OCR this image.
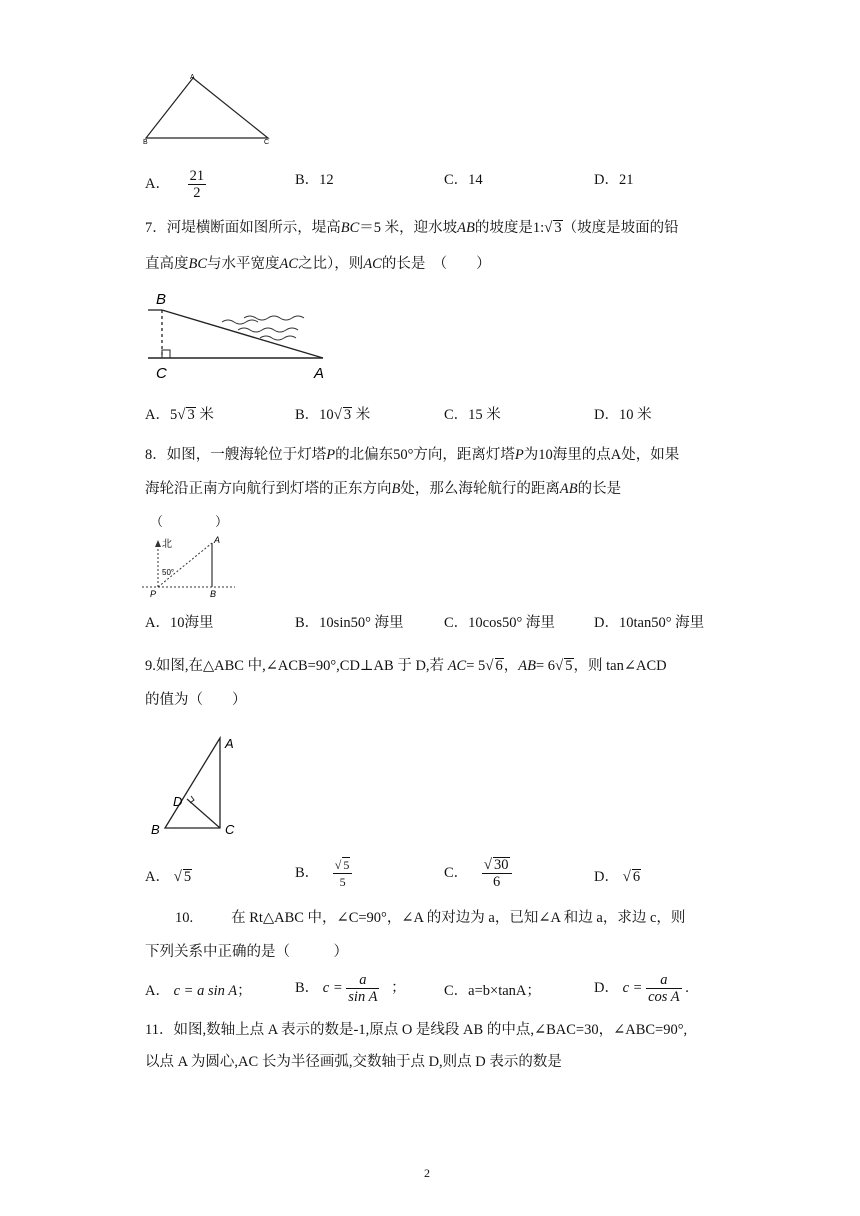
A
B	C
A． $\frac{21}{2}$	B．12	C．14	D．21
7．河堤横断面如图所示，堤高BC＝5 米，迎水坡AB的坡度是1:√ 3（坡度是坡面的铅
直高度BC与水平宽度AC之比），则AC的长是　（　　）
B
C	A
A．5√ 3 米	B．10√ 3 米	C．15 米	D．10 米
8．如图，一艘海轮位于灯塔P的北偏东50°方向，距离灯塔P为10海里的点A处，如果
海轮沿正南方向航行到灯塔的正东方向B处，那么海轮航行的距离AB的长是
（　　　　）
北
50°
A
B
P
A．10海里	B．10sin50° 海里	C．10cos50° 海里	D．10tan50° 海里
9.如图,在△ABC 中,∠ACB=90°,CD⊥AB 于 D,若 AC= 5√ 6，AB= 6√ 5，则 tan∠ACD
的值为（　　）
A
B	C
D
A． √ 5	B． $\frac{√ 5}{5}$	C． $\frac{√ 30}{6}$	D． √ 6
10.	在 Rt△ABC 中，∠C=90°，∠A 的对边为 a，已知∠A 和边 a，求边 c，则
下列关系中正确的是（　　　）
A． c = a sin A；	B． $c = \frac{a}{\text{sin A}}$ ；	C．a=b×tanA；	D． $c = \frac{a}{\text{cos A}}$ .
11．如图,数轴上点 A 表示的数是-1,原点 O 是线段 AB 的中点,∠BAC=30，∠ABC=90°,
以点 A 为圆心,AC 长为半径画弧,交数轴于点 D,则点 D 表示的数是
2
